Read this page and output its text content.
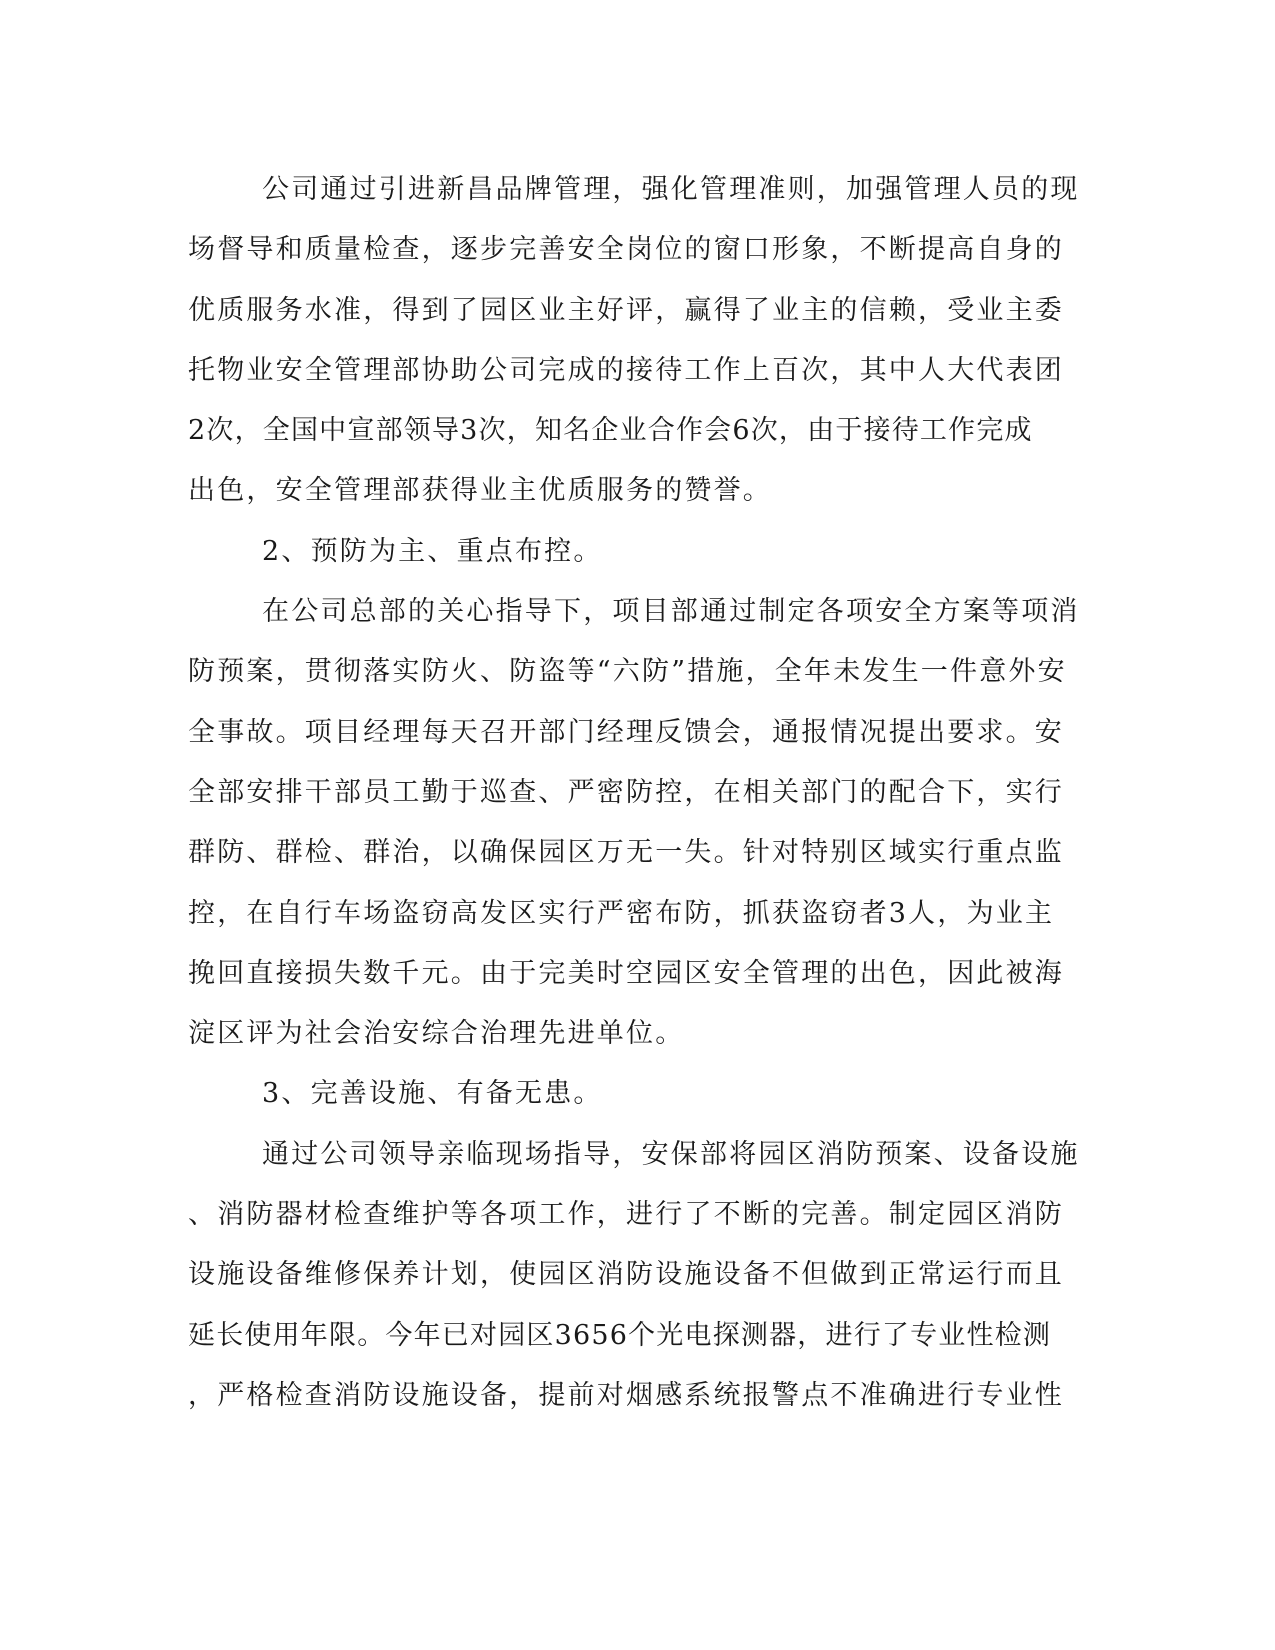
公司通过引进新昌品牌管理，强化管理准则，加强管理人员的现
场督导和质量检查，逐步完善安全岗位的窗口形象，不断提高自身的
优质服务水准，得到了园区业主好评，赢得了业主的信赖，受业主委
托物业安全管理部协助公司完成的接待工作上百次，其中人大代表团
2次，全国中宣部领导3次，知名企业合作会6次，由于接待工作完成
出色，安全管理部获得业主优质服务的赞誉。
2、预防为主、重点布控。
在公司总部的关心指导下，项目部通过制定各项安全方案等项消
防预案，贯彻落实防火、防盗等“六防”措施，全年未发生一件意外安
全事故。项目经理每天召开部门经理反馈会，通报情况提出要求。安
全部安排干部员工勤于巡查、严密防控，在相关部门的配合下，实行
群防、群检、群治，以确保园区万无一失。针对特别区域实行重点监
控，在自行车场盗窃高发区实行严密布防，抓获盗窃者3人，为业主
挽回直接损失数千元。由于完美时空园区安全管理的出色，因此被海
淀区评为社会治安综合治理先进单位。
3、完善设施、有备无患。
通过公司领导亲临现场指导，安保部将园区消防预案、设备设施
、消防器材检查维护等各项工作，进行了不断的完善。制定园区消防
设施设备维修保养计划，使园区消防设施设备不但做到正常运行而且
延长使用年限。今年已对园区3656个光电探测器，进行了专业性检测
，严格检查消防设施设备，提前对烟感系统报警点不准确进行专业性
